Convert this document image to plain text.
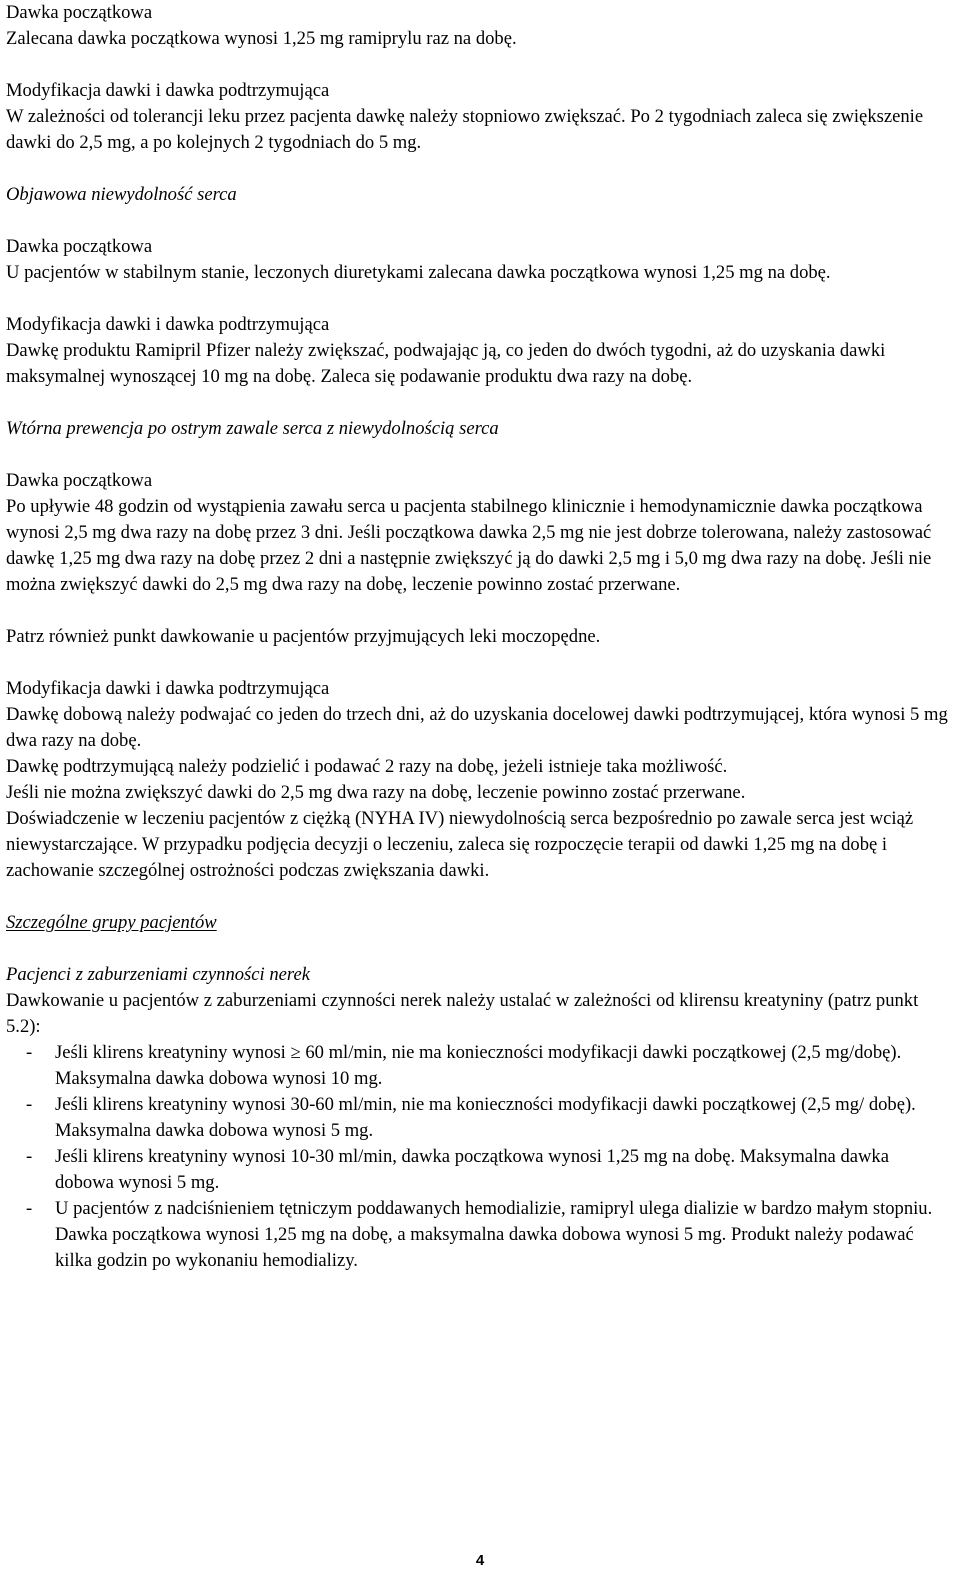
Dawka początkowa

Zalecana dawka początkowa wynosi 1,25 mg ramiprylu raz na dobę.

Modyfikacja dawki i dawka podtrzymująca

W zależności od tolerancji leku przez pacjenta dawkę należy stopniowo zwiększać. Po 2 tygodniach zaleca się zwiększenie dawki do 2,5 mg, a po kolejnych 2 tygodniach do 5 mg.

Objawowa niewydolność serca

Dawka początkowa

U pacjentów w stabilnym stanie, leczonych diuretykami zalecana dawka początkowa wynosi 1,25 mg na dobę.

Modyfikacja dawki i dawka podtrzymująca

Dawkę produktu Ramipril Pfizer należy zwiększać, podwajając ją, co jeden do dwóch tygodni, aż do uzyskania dawki maksymalnej wynoszącej 10 mg na dobę. Zaleca się podawanie produktu dwa razy na dobę.

Wtórna prewencja po ostrym zawale serca z niewydolnością serca

Dawka początkowa

Po upływie 48 godzin od wystąpienia zawału serca u pacjenta stabilnego klinicznie i hemodynamicznie dawka początkowa wynosi 2,5 mg dwa razy na dobę przez 3 dni. Jeśli początkowa dawka 2,5 mg nie jest dobrze tolerowana, należy zastosować dawkę 1,25 mg dwa razy na dobę przez 2 dni a następnie zwiększyć ją do dawki 2,5 mg i 5,0 mg dwa razy na dobę. Jeśli nie można zwiększyć dawki do 2,5 mg dwa razy na dobę, leczenie powinno zostać przerwane.

Patrz również punkt dawkowanie u pacjentów przyjmujących leki moczopędne.

Modyfikacja dawki i dawka podtrzymująca

Dawkę dobową należy podwajać co jeden do trzech dni, aż do uzyskania docelowej dawki podtrzymującej, która wynosi 5 mg dwa razy na dobę.

Dawkę podtrzymującą należy podzielić i podawać 2 razy na dobę, jeżeli istnieje taka możliwość.

Jeśli nie można zwiększyć dawki do 2,5 mg dwa razy na dobę, leczenie powinno zostać przerwane.

Doświadczenie w leczeniu pacjentów z ciężką (NYHA IV) niewydolnością serca bezpośrednio po zawale serca jest wciąż niewystarczające. W przypadku podjęcia decyzji o leczeniu, zaleca się rozpoczęcie terapii od dawki 1,25 mg na dobę i zachowanie szczególnej ostrożności podczas zwiększania dawki.

Szczególne grupy pacjentów

Pacjenci z zaburzeniami czynności nerek

Dawkowanie u pacjentów z zaburzeniami czynności nerek należy ustalać w zależności od klirensu kreatyniny (patrz punkt 5.2):

- Jeśli klirens kreatyniny wynosi ≥ 60 ml/min, nie ma konieczności modyfikacji dawki początkowej (2,5 mg/dobę). Maksymalna dawka dobowa wynosi 10 mg.
- Jeśli klirens kreatyniny wynosi 30-60 ml/min, nie ma konieczności modyfikacji dawki początkowej (2,5 mg/ dobę). Maksymalna dawka dobowa wynosi 5 mg.
- Jeśli klirens kreatyniny wynosi 10-30 ml/min, dawka początkowa wynosi 1,25 mg na dobę. Maksymalna dawka dobowa wynosi 5 mg.
- U pacjentów z nadciśnieniem tętniczym poddawanych hemodializie, ramipryl ulega dializie w bardzo małym stopniu. Dawka początkowa wynosi 1,25 mg na dobę, a maksymalna dawka dobowa wynosi 5 mg. Produkt należy podawać kilka godzin po wykonaniu hemodializy.
4
